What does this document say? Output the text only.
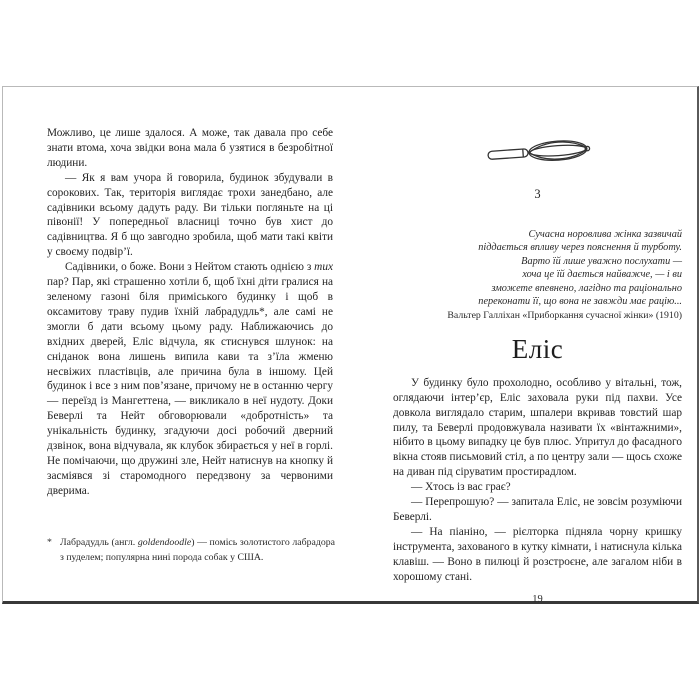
Можливо, це лише здалося. А може, так давала про себе знати втома, хоча звідки вона мала б узятися в безробітної людини.

— Як я вам учора й говорила, будинок збудували в сорокових. Так, територія виглядає трохи занедбано, але садівники всьому дадуть раду. Ви тільки погляньте на ці півонії! У попередньої власниці точно був хист до садівництва. Я б що завгодно зробила, щоб мати такі квіти у своєму подвір’ї.

Садівники, о боже. Вони з Нейтом стають однією з тих пар? Пар, які страшенно хотіли б, щоб їхні діти гралися на зеленому газоні біля приміського будинку і щоб в оксамитову траву пудив їхній лабрадудль*, але самі не змогли б дати всьому цьому раду. Наближаючись до вхідних дверей, Еліс відчула, як стиснувся шлунок: на сніданок вона лишень випила кави та з’їла жменю несвіжих пластівців, але причина була в іншому. Цей будинок і все з ним пов’язане, причому не в останню чергу — переїзд із Мангеттена, — викликало в неї нудоту. Доки Беверлі та Нейт обговорювали «добротність» та унікальність будинку, згадуючи досі робочий дверний дзвінок, вона відчувала, як клубок збирається у неї в горлі. Не помічаючи, що дружині зле, Нейт натиснув на кнопку й засміявся зі старомодного передзвону за червоними дверима.

* Лабрадудль (англ. goldendoodle) — помісь золотистого лабрадора з пуделем; популярна нині порода собак у США.
3
Сучасна норовлива жінка зазвичай
піддається впливу через пояснення й турботу.
Варто їй лише уважно послухати —
хоча це їй дається найважче, — і ви
зможете впевнено, лагідно та раціонально
переконати її, що вона не завжди має рацію...
Вальтер Галліхан «Приборкання сучасної жінки» (1910)
Еліс

У будинку було прохолодно, особливо у вітальні, тож, оглядаючи інтер’єр, Еліс заховала руки під пахви. Усе довкола виглядало старим, шпалери вкривав товстий шар пилу, та Беверлі продовжувала називати їх «вінтажними», нібито в цьому випадку це був плюс. Упритул до фасадного вікна стояв письмовий стіл, а по центру зали — щось схоже на диван під сіруватим простирадлом.

— Хтось із вас грає?

— Перепрошую? — запитала Еліс, не зовсім розуміючи Беверлі.

— На піаніно, — рієлторка підняла чорну кришку інструмента, захованого в кутку кімнати, і натиснула кілька клавіш. — Воно в пилюці й розстроєне, але загалом ніби в хорошому стані.

19
